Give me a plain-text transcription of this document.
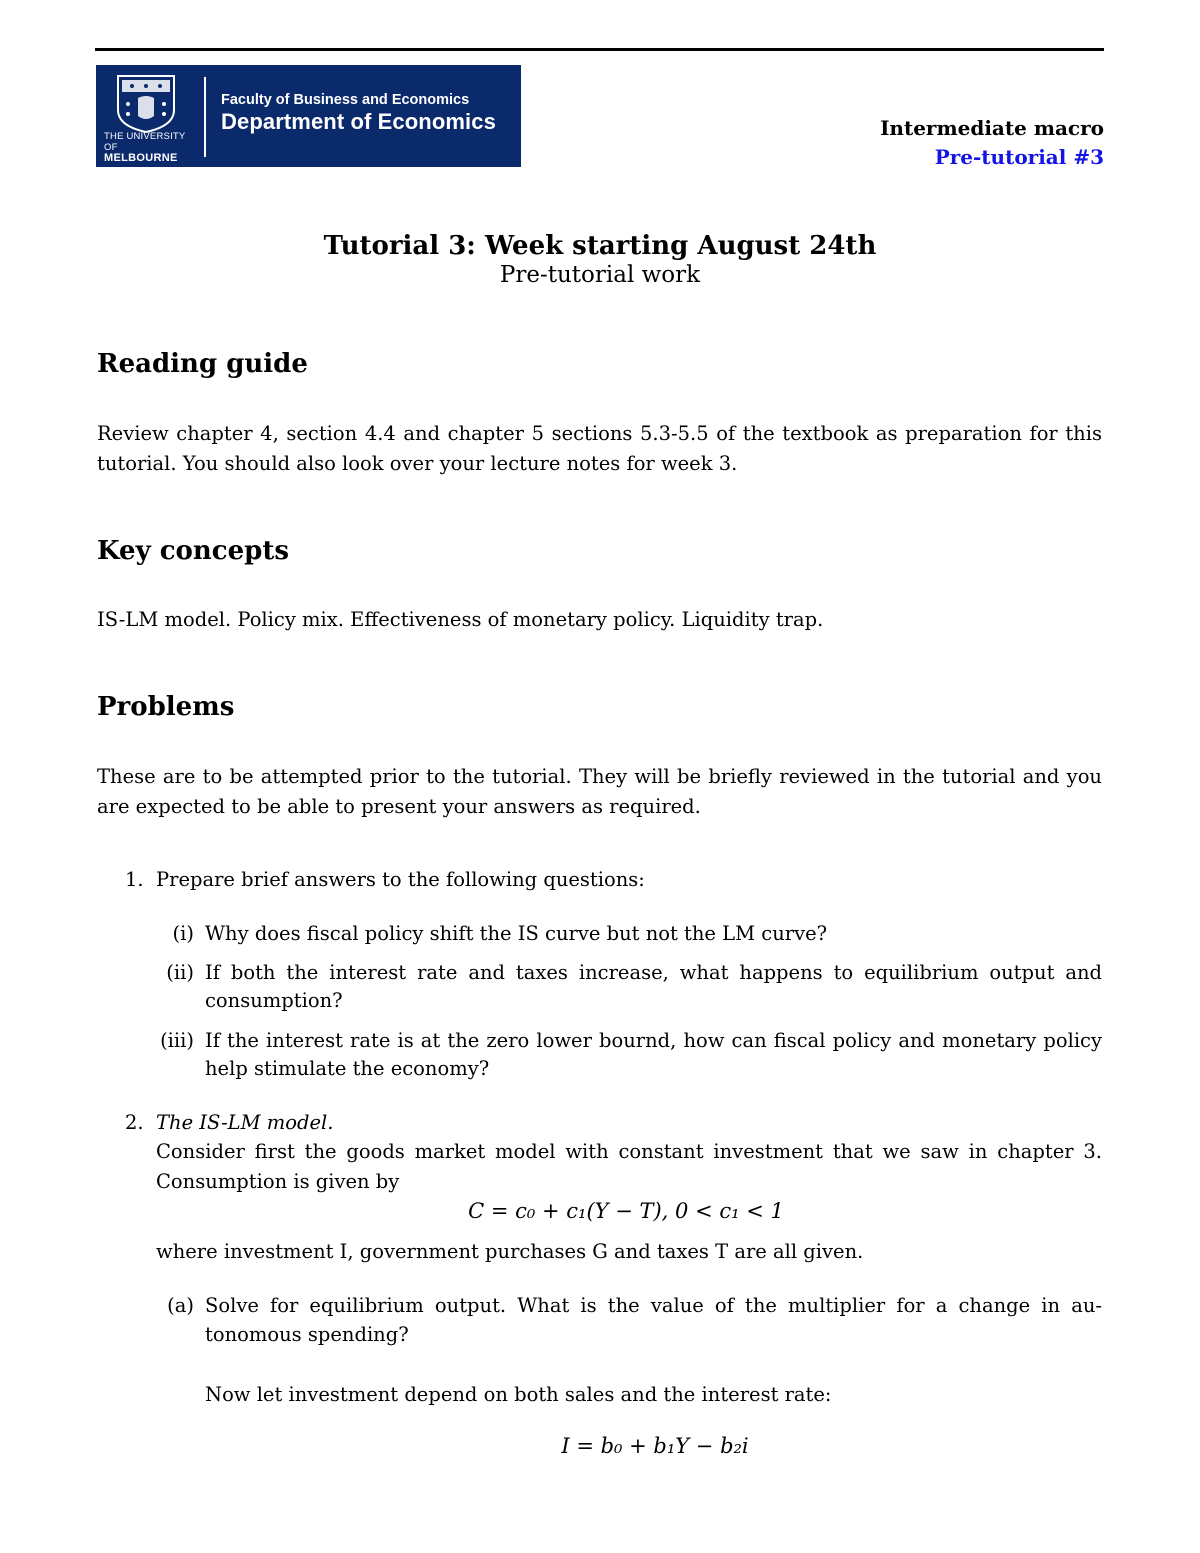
THE UNIVERSITY OF
MELBOURNE
Faculty of Business and Economics
Department of Economics	Intermediate macro
Pre-tutorial #3
Tutorial 3: Week starting August 24th
Pre-tutorial work
Reading guide
Review chapter 4, section 4.4 and chapter 5 sections 5.3-5.5 of the textbook as preparation for this tutorial. You should also look over your lecture notes for week 3.
Key concepts
IS-LM model. Policy mix. Effectiveness of monetary policy. Liquidity trap.
Problems
These are to be attempted prior to the tutorial. They will be briefly reviewed in the tutorial and you are expected to be able to present your answers as required.
1. Prepare brief answers to the following questions:
(i) Why does fiscal policy shift the IS curve but not the LM curve?
(ii) If both the interest rate and taxes increase, what happens to equilibrium output and
consumption?
(iii) If the interest rate is at the zero lower bournd, how can fiscal policy and monetary policy
help stimulate the economy?
2. The IS-LM model.
Consider first the goods market model with constant investment that we saw in chapter 3.
Consumption is given by
C = c₀ + c₁(Y − T), 0 < c₁ < 1
where investment I, government purchases G and taxes T are all given.
(a) Solve for equilibrium output. What is the value of the multiplier for a change in au-
tonomous spending?
Now let investment depend on both sales and the interest rate:
I = b₀ + b₁Y − b₂i
